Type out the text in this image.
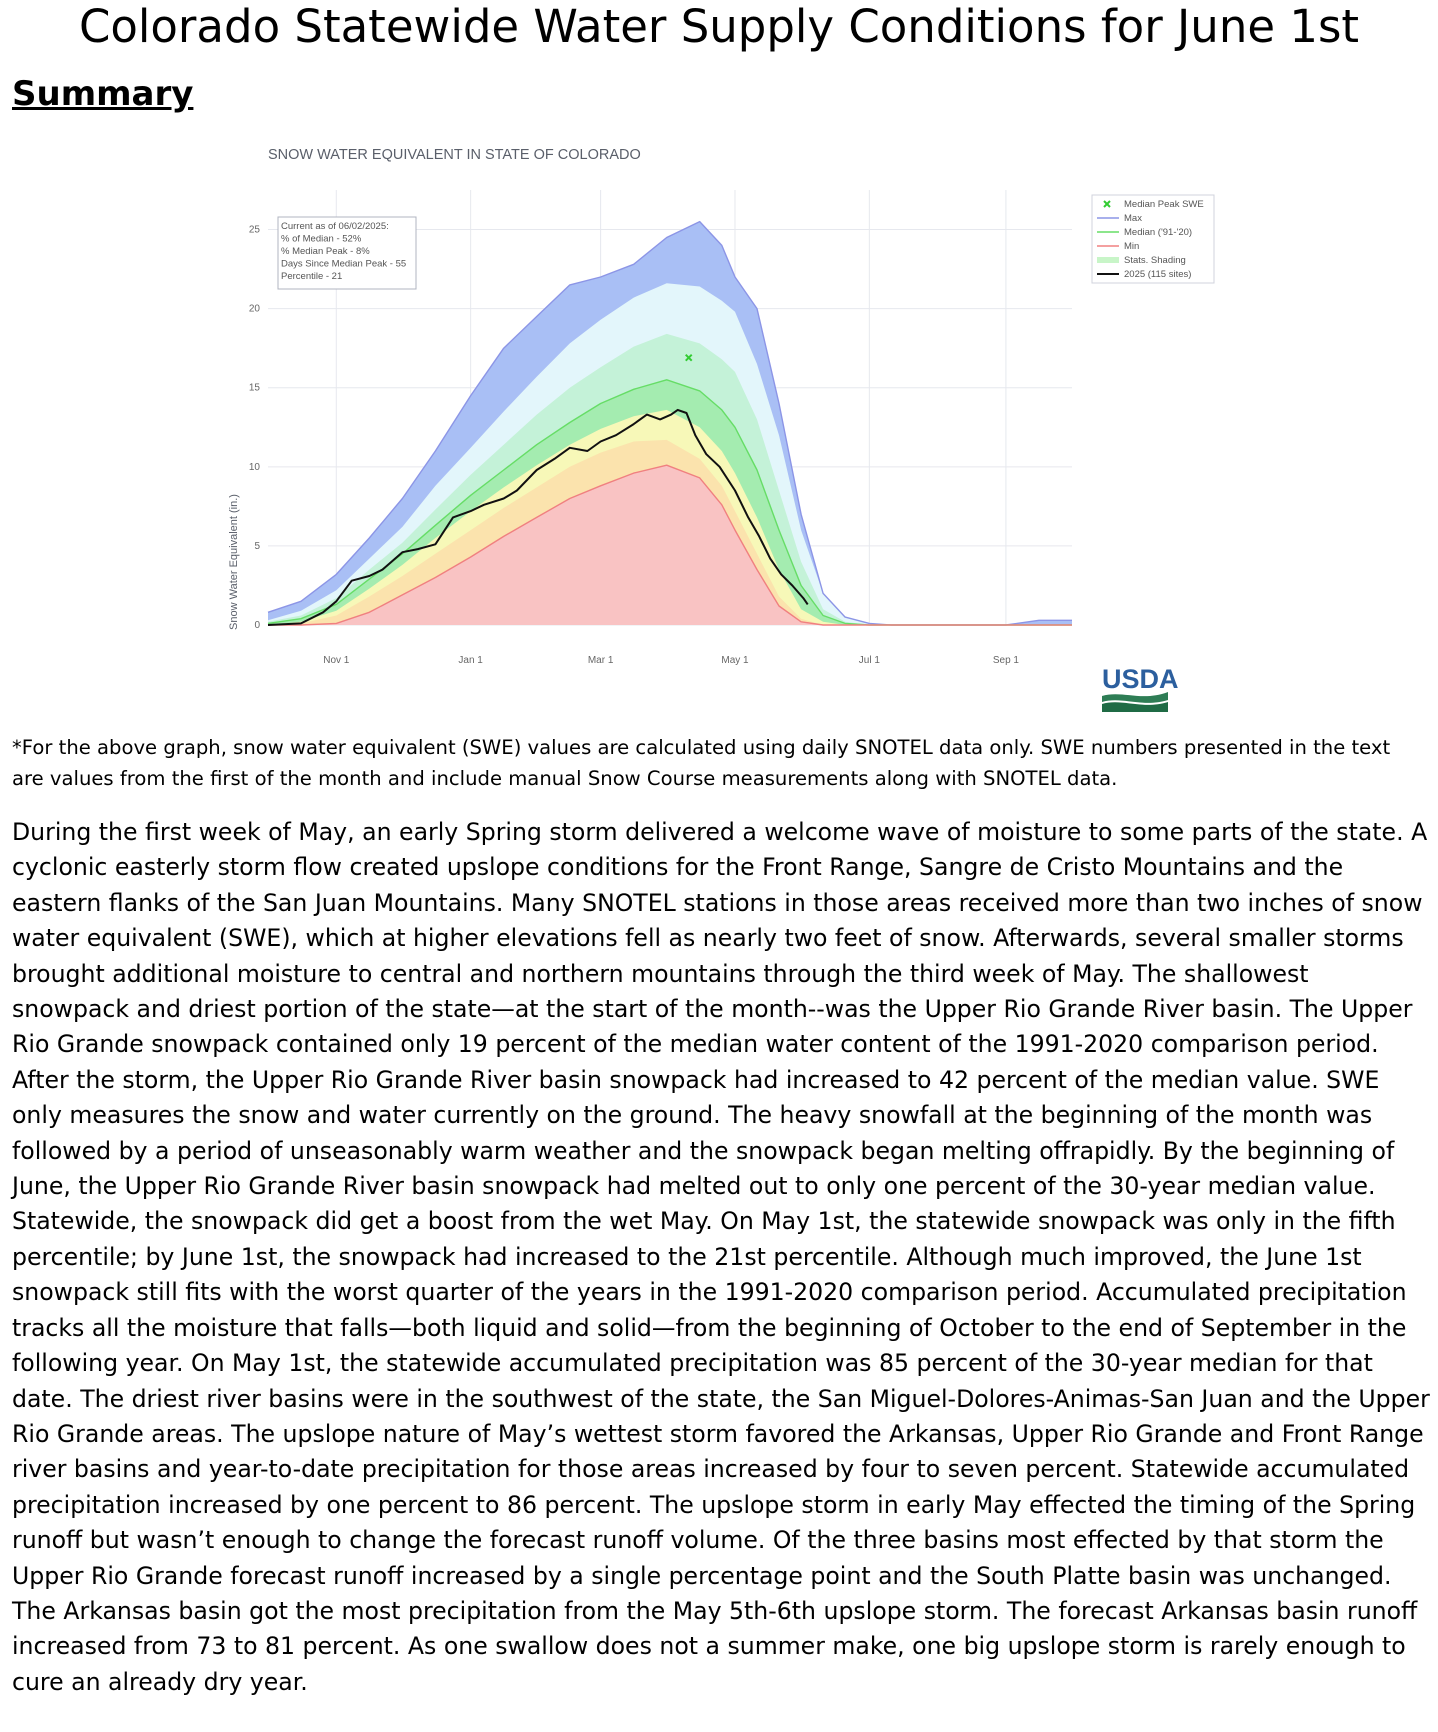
Colorado Statewide Water Supply Conditions for June 1st
Summary
SNOW WATER EQUIVALENT IN STATE OF COLORADO
Snow Water Equivalent (in.) 0
5
10
15
20
25
Nov 1	Jan 1	Mar 1	May 1	Jul 1	Sep 1
Current as of 06/02/2025:
% of Median - 52%
% Median Peak - 8%
Days Since Median Peak - 55
Percentile - 21
Median Peak SWE
Max
Median ('91-'20)
Min
Stats. Shading
2025 (115 sites)
USDA
*For the above graph, snow water equivalent (SWE) values are calculated using daily SNOTEL data only. SWE numbers presented in the text are values from the first of the month and include manual Snow Course measurements along with SNOTEL data.

During the first week of May, an early Spring storm delivered a welcome wave of moisture to some parts of the state. A cyclonic easterly storm flow created upslope conditions for the Front Range, Sangre de Cristo Mountains and the eastern flanks of the San Juan Mountains. Many SNOTEL stations in those areas received more than two inches of snow water equivalent (SWE), which at higher elevations fell as nearly two feet of snow. Afterwards, several smaller storms brought additional moisture to central and northern mountains through the third week of May. The shallowest snowpack and driest portion of the state—at the start of the month--was the Upper Rio Grande River basin. The Upper Rio Grande snowpack contained only 19 percent of the median water content of the 1991-2020 comparison period. After the storm, the Upper Rio Grande River basin snowpack had increased to 42 percent of the median value. SWE only measures the snow and water currently on the ground. The heavy snowfall at the beginning of the month was followed by a period of unseasonably warm weather and the snowpack began melting offrapidly. By the beginning of June, the Upper Rio Grande River basin snowpack had melted out to only one percent of the 30-year median value.

Statewide, the snowpack did get a boost from the wet May. On May 1st, the statewide snowpack was only in the fifth percentile; by June 1st, the snowpack had increased to the 21st percentile. Although much improved, the June 1st snowpack still fits with the worst quarter of the years in the 1991-2020 comparison period. Accumulated precipitation tracks all the moisture that falls—both liquid and solid—from the beginning of October to the end of September in the following year. On May 1st, the statewide accumulated precipitation was 85 percent of the 30-year median for that date. The driest river basins were in the southwest of the state, the San Miguel-Dolores-Animas-San Juan and the Upper Rio Grande areas. The upslope nature of May’s wettest storm favored the Arkansas, Upper Rio Grande and Front Range river basins and year-to-date precipitation for those areas increased by four to seven percent. Statewide accumulated precipitation increased by one percent to 86 percent. The upslope storm in early May effected the timing of the Spring runoff but wasn’t enough to change the forecast runoff volume. Of the three basins most effected by that storm the Upper Rio Grande forecast runoff increased by a single percentage point and the South Platte basin was unchanged. The Arkansas basin got the most precipitation from the May 5th-6th upslope storm. The forecast Arkansas basin runoff increased from 73 to 81 percent. As one swallow does not a summer make, one big upslope storm is rarely enough to cure an already dry year.
